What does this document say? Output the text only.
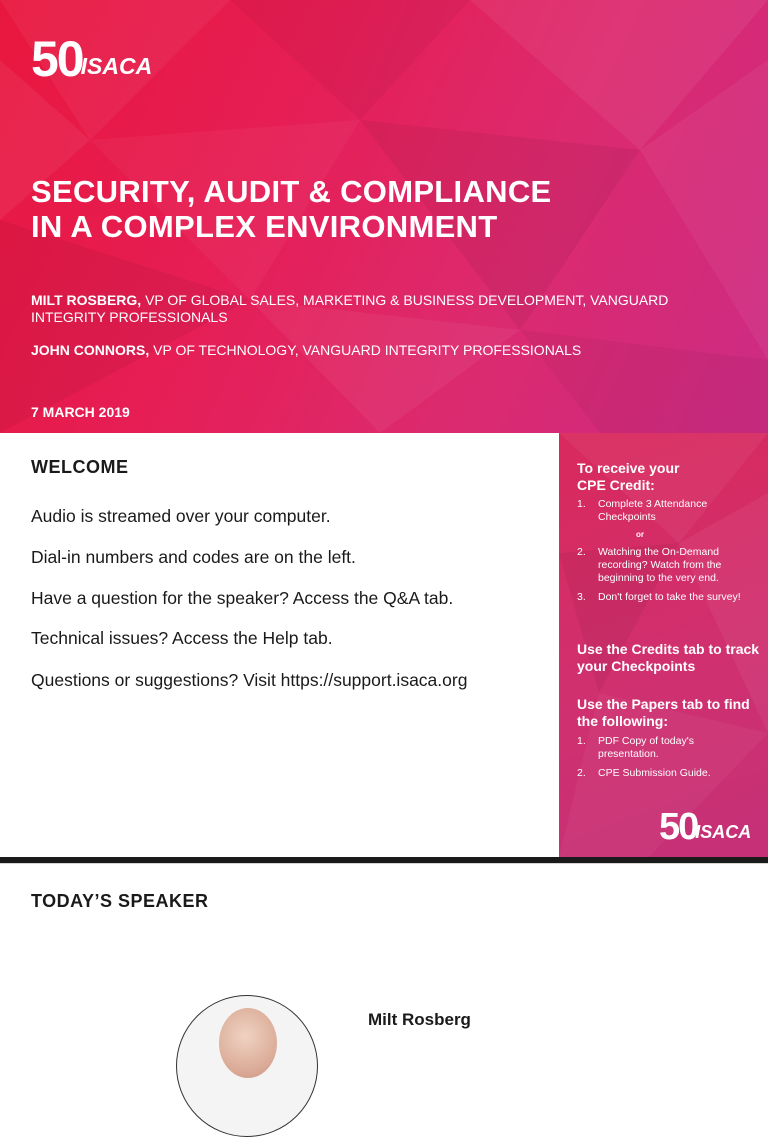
50
ISACA
SECURITY, AUDIT & COMPLIANCE
IN A COMPLEX ENVIRONMENT
MILT ROSBERG, VP OF GLOBAL SALES, MARKETING & BUSINESS DEVELOPMENT, VANGUARD INTEGRITY PROFESSIONALS
JOHN CONNORS, VP OF TECHNOLOGY, VANGUARD INTEGRITY PROFESSIONALS
7 MARCH 2019
WELCOME
Audio is streamed over your computer.
Dial-in numbers and codes are on the left.
Have a question for the speaker? Access the Q&A tab.
Technical issues? Access the Help tab.
Questions or suggestions? Visit https://support.isaca.org
To receive your CPE Credit:
1. Complete 3 Attendance Checkpoints
or
2. Watching the On-Demand recording? Watch from the beginning to the very end.
3. Don't forget to take the survey!
Use the Credits tab to track your Checkpoints
Use the Papers tab to find the following:
1. PDF Copy of today's presentation.
2. CPE Submission Guide.
50
ISACA
TODAY’S SPEAKER
Milt Rosberg
